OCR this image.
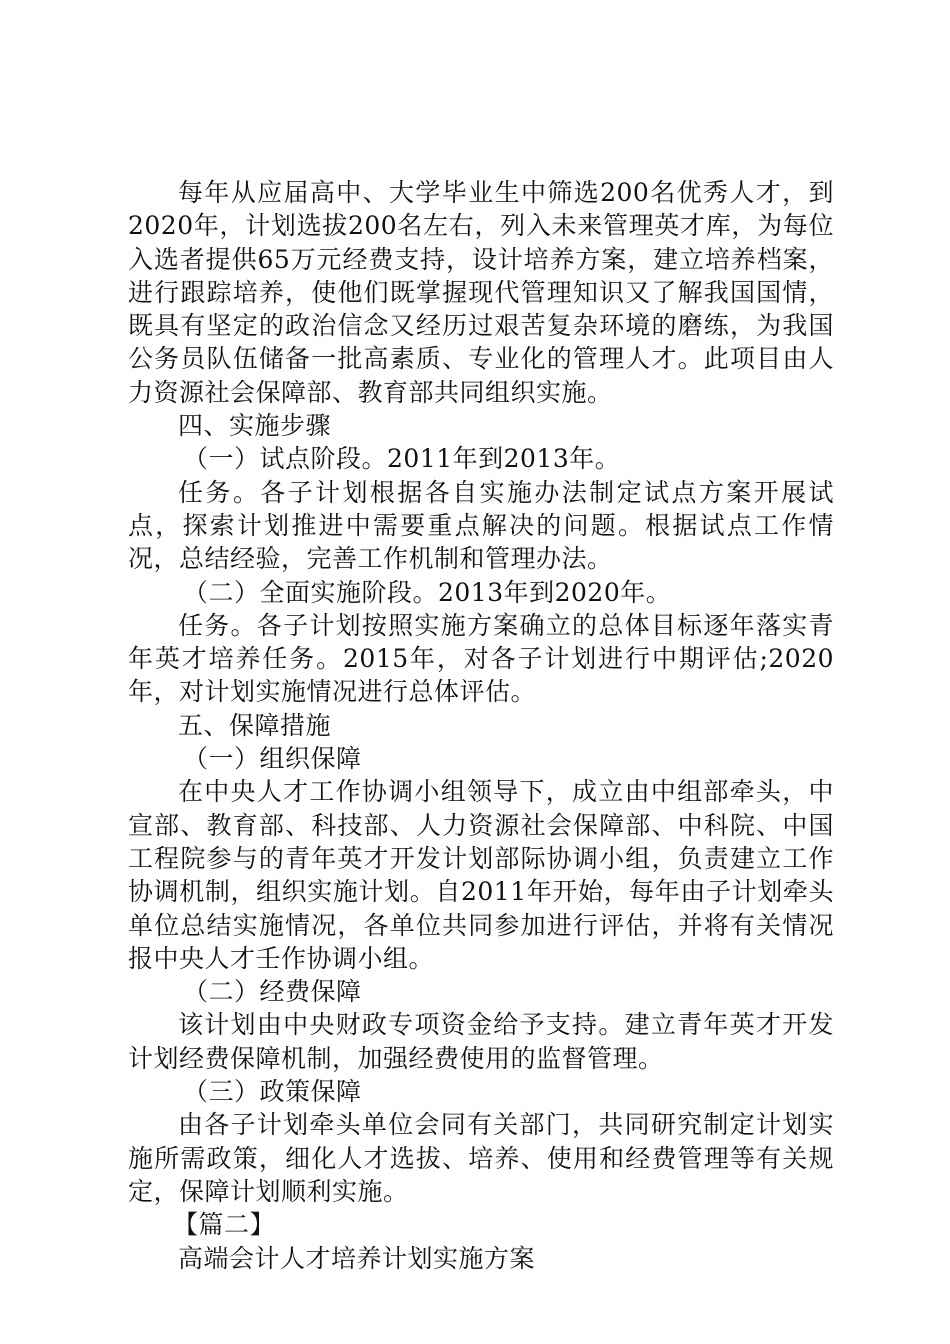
每年从应届高中、大学毕业生中筛选200名优秀人才，到2020年，计划选拔200名左右，列入未来管理英才库，为每位入选者提供65万元经费支持，设计培养方案，建立培养档案，进行跟踪培养，使他们既掌握现代管理知识又了解我国国情，既具有坚定的政治信念又经历过艰苦复杂环境的磨练，为我国公务员队伍储备一批高素质、专业化的管理人才。此项目由人力资源社会保障部、教育部共同组织实施。

四、实施步骤

（一）试点阶段。2011年到2013年。

任务。各子计划根据各自实施办法制定试点方案开展试点，探索计划推进中需要重点解决的问题。根据试点工作情况，总结经验，完善工作机制和管理办法。

（二）全面实施阶段。2013年到2020年。

任务。各子计划按照实施方案确立的总体目标逐年落实青年英才培养任务。2015年，对各子计划进行中期评估;2020年，对计划实施情况进行总体评估。

五、保障措施

（一）组织保障

在中央人才工作协调小组领导下，成立由中组部牵头，中宣部、教育部、科技部、人力资源社会保障部、中科院、中国工程院参与的青年英才开发计划部际协调小组，负责建立工作协调机制，组织实施计划。自2011年开始，每年由子计划牵头单位总结实施情况，各单位共同参加进行评估，并将有关情况报中央人才壬作协调小组。

（二）经费保障

该计划由中央财政专项资金给予支持。建立青年英才开发计划经费保障机制，加强经费使用的监督管理。

（三）政策保障

由各子计划牵头单位会同有关部门，共同研究制定计划实施所需政策，细化人才选拔、培养、使用和经费管理等有关规定，保障计划顺利实施。

【篇二】

高端会计人才培养计划实施方案
